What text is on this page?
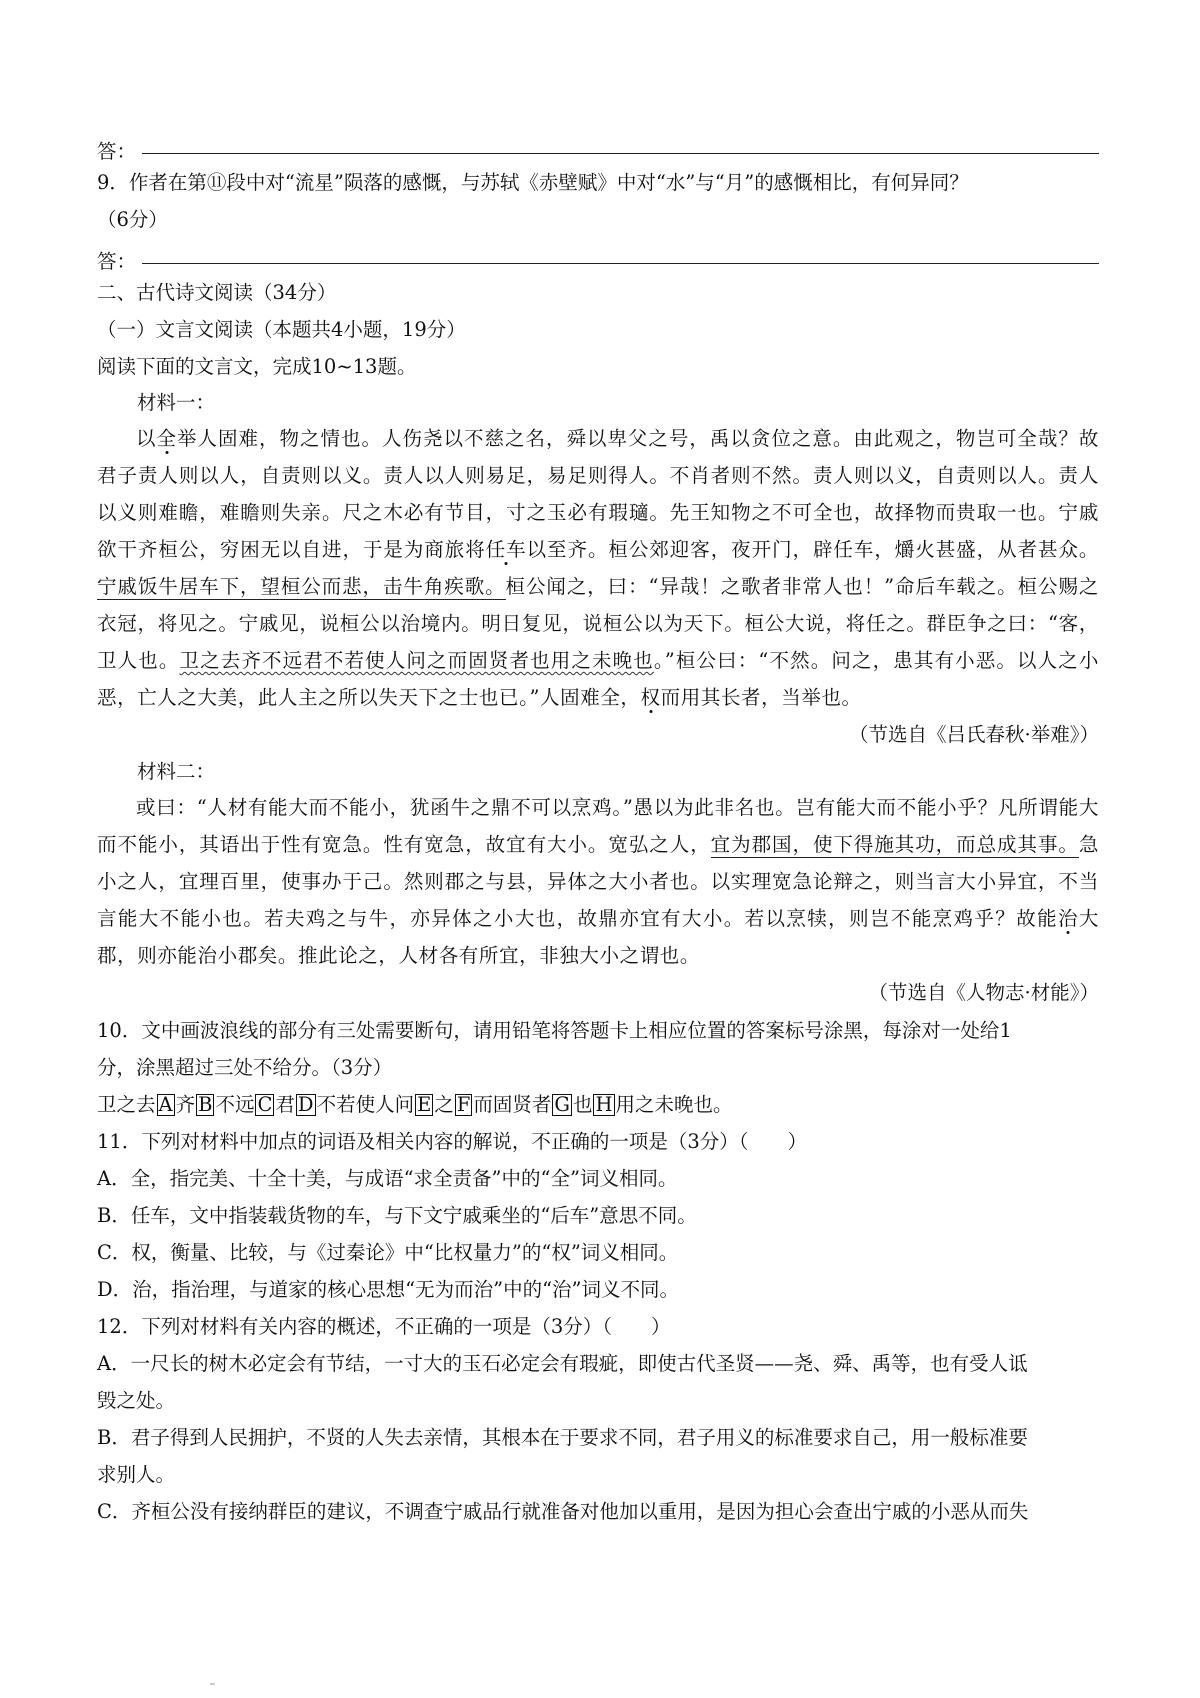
答：
9．作者在第⑪段中对“流星”陨落的感慨，与苏轼《赤壁赋》中对“水”与“月”的感慨相比，有何异同？
（6分）
答：
二、古代诗文阅读（34分）
（一）文言文阅读（本题共4小题，19分）
阅读下面的文言文，完成10~13题。
材料一：

以全举人固难，物之情也。人伤尧以不慈之名，舜以卑父之号，禹以贪位之意。由此观之，物岂可全哉？故君子责人则以人，自责则以义。责人以人则易足，易足则得人。不肖者则不然。责人则以义，自责则以人。责人以义则难瞻，难瞻则失亲。尺之木必有节目，寸之玉必有瑕瓋。先王知物之不可全也，故择物而贵取一也。宁戚欲干齐桓公，穷困无以自进，于是为商旅将任车以至齐。桓公郊迎客，夜开门，辟任车，爝火甚盛，从者甚众。宁戚饭牛居车下，望桓公而悲，击牛角疾歌。桓公闻之，曰：“异哉！之歌者非常人也！”命后车载之。桓公赐之衣冠，将见之。宁戚见，说桓公以治境内。明日复见，说桓公以为天下。桓公大说，将任之。群臣争之曰：“客，卫人也。卫之去齐不远君不若使人问之而固贤者也用之未晚也。”桓公曰：“不然。问之，患其有小恶。以人之小恶，亡人之大美，此人主之所以失天下之士也已。”人固难全，权而用其长者，当举也。

（节选自《吕氏春秋·举难》）
材料二：

或曰：“人材有能大而不能小，犹函牛之鼎不可以烹鸡。”愚以为此非名也。岂有能大而不能小乎？凡所谓能大而不能小，其语出于性有宽急。性有宽急，故宜有大小。宽弘之人，宜为郡国，使下得施其功，而总成其事。急小之人，宜理百里，使事办于己。然则郡之与县，异体之大小者也。以实理宽急论辩之，则当言大小异宜，不当言能大不能小也。若夫鸡之与牛，亦异体之小大也，故鼎亦宜有大小。若以烹犊，则岂不能烹鸡乎？故能治大郡，则亦能治小郡矣。推此论之，人材各有所宜，非独大小之谓也。

（节选自《人物志·材能》）
10．文中画波浪线的部分有三处需要断句，请用铅笔将答题卡上相应位置的答案标号涂黑，每涂对一处给1
分，涂黑超过三处不给分。（3分）
卫之去 A 齐 B 不远 C 君 D 不若使人问 E 之 F 而固贤者 G 也 H 用之未晚也。
11．下列对材料中加点的词语及相关内容的解说，不正确的一项是（3分）（　　）
A．全，指完美、十全十美，与成语“求全责备”中的“全”词义相同。
B．任车，文中指装载货物的车，与下文宁戚乘坐的“后车”意思不同。
C．权，衡量、比较，与《过秦论》中“比权量力”的“权”词义相同。
D．治，指治理，与道家的核心思想“无为而治”中的“治”词义不同。
12．下列对材料有关内容的概述，不正确的一项是（3分）（　　）
A．一尺长的树木必定会有节结，一寸大的玉石必定会有瑕疵，即使古代圣贤——尧、舜、禹等，也有受人诋
毁之处。
B．君子得到人民拥护，不贤的人失去亲情，其根本在于要求不同，君子用义的标准要求自己，用一般标准要
求别人。
C．齐桓公没有接纳群臣的建议，不调查宁戚品行就准备对他加以重用，是因为担心会查出宁戚的小恶从而失
